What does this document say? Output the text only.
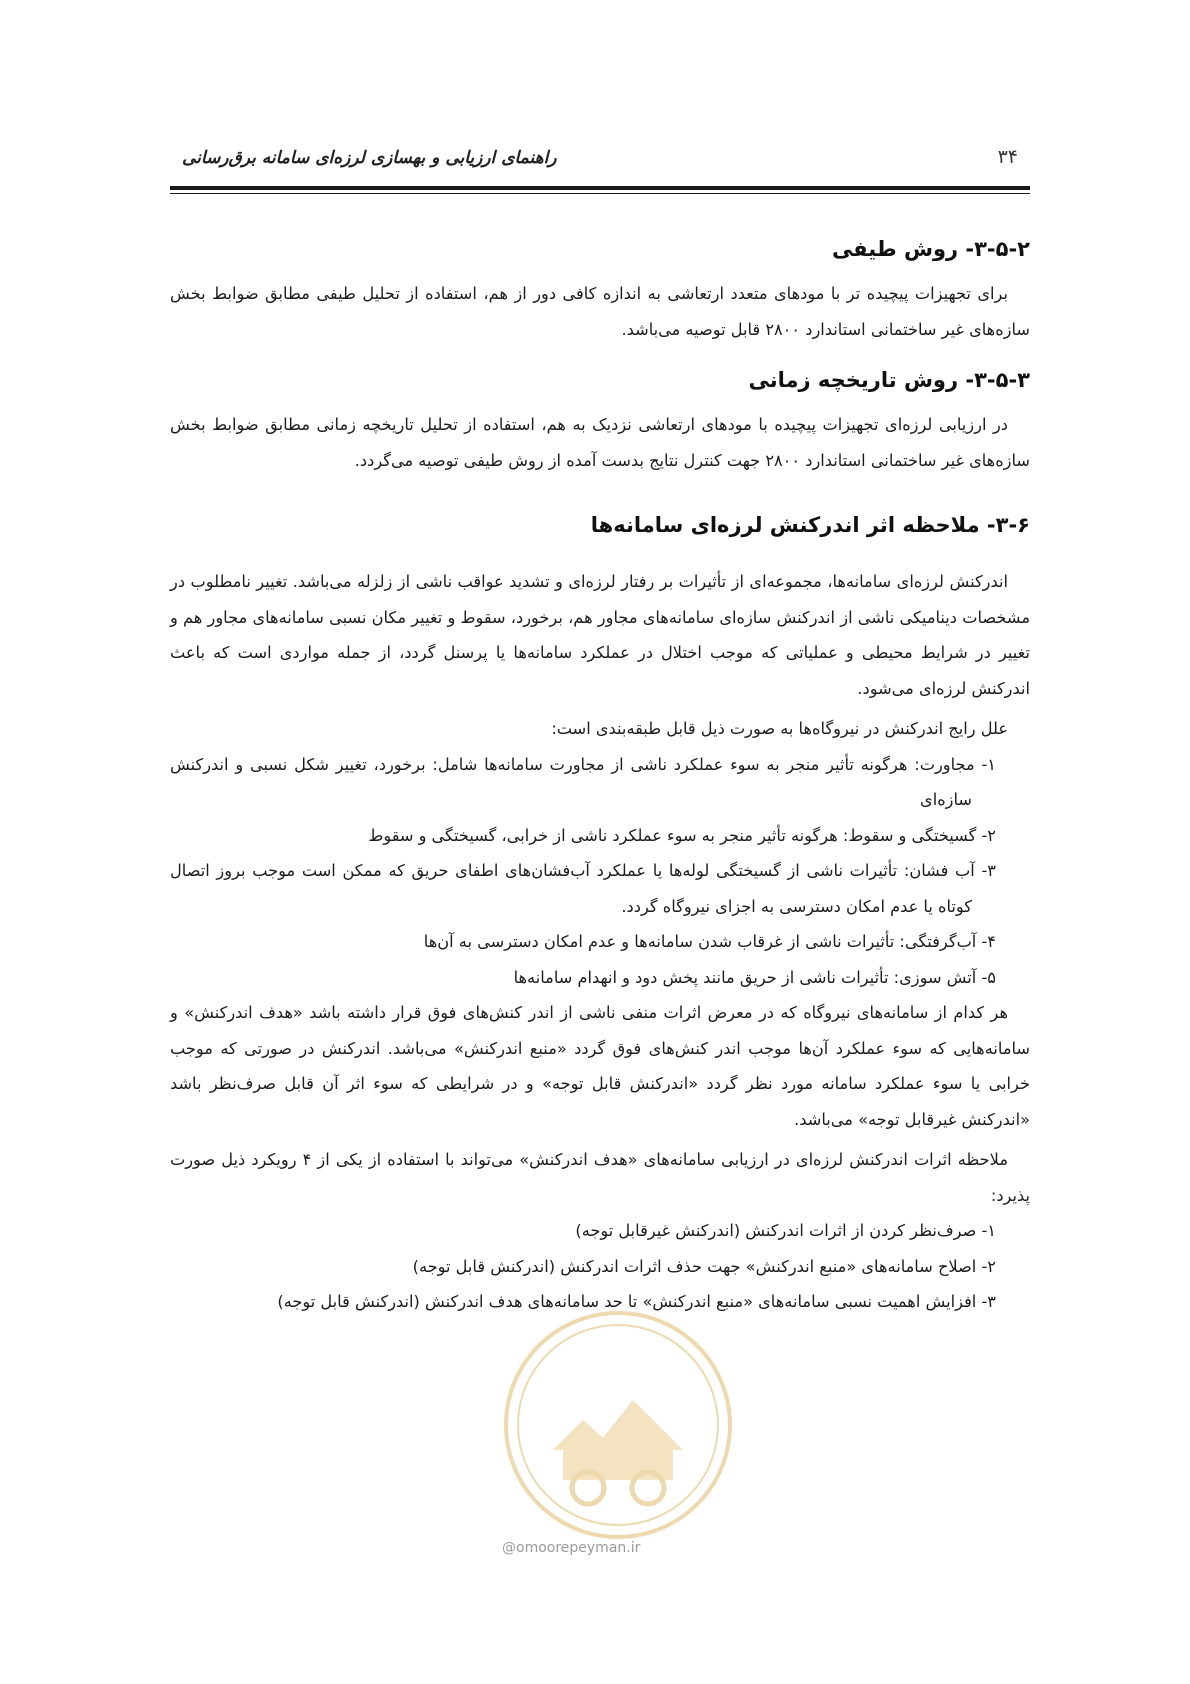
۳۴
راهنمای ارزیابی و بهسازی لرزه‌ای سامانه برق‌رسانی
@omoorepeyman.ir
۳-۵-۲- روش طیفی

برای تجهیزات پیچیده تر با مودهای متعدد ارتعاشی به اندازه کافی دور از هم، استفاده از تحلیل طیفی مطابق ضوابط بخش سازه‌های غیر ساختمانی استاندارد ۲۸۰۰ قابل توصیه می‌باشد.

۳-۵-۳- روش تاریخچه زمانی

در ارزیابی لرزه‌ای تجهیزات پیچیده با مودهای ارتعاشی نزدیک به هم، استفاده از تحلیل تاریخچه زمانی مطابق ضوابط بخش سازه‌های غیر ساختمانی استاندارد ۲۸۰۰ جهت کنترل نتایج بدست آمده از روش طیفی توصیه می‌گردد.

۳-۶- ملاحظه اثر اندرکنش لرزه‌ای سامانه‌ها

اندرکنش لرزه‌ای سامانه‌ها، مجموعه‌ای از تأثیرات بر رفتار لرزه‌ای و تشدید عواقب ناشی از زلزله می‌باشد. تغییر نامطلوب در مشخصات دینامیکی ناشی از اندرکنش سازه‌ای سامانه‌های مجاور هم، برخورد، سقوط و تغییر مکان نسبی سامانه‌های مجاور هم و تغییر در شرایط محیطی و عملیاتی که موجب اختلال در عملکرد سامانه‌ها یا پرسنل گردد، از جمله مواردی است که باعث اندرکنش لرزه‌ای می‌شود.

علل رایج اندرکنش در نیروگاه‌ها به صورت ذیل قابل طبقه‌بندی است:

۱- مجاورت: هرگونه تأثیر منجر به سوء عملکرد ناشی از مجاورت سامانه‌ها شامل: برخورد، تغییر شکل نسبی و اندرکنش سازه‌ای
۲- گسیختگی و سقوط: هرگونه تأثیر منجر به سوء عملکرد ناشی از خرابی، گسیختگی و سقوط
۳- آب فشان: تأثیرات ناشی از گسیختگی لوله‌ها یا عملکرد آب‌فشان‌های اطفای حریق که ممکن است موجب بروز اتصال کوتاه یا عدم امکان دسترسی به اجزای نیروگاه گردد.
۴- آب‌گرفتگی: تأثیرات ناشی از غرقاب شدن سامانه‌ها و عدم امکان دسترسی به آن‌ها
۵- آتش سوزی: تأثیرات ناشی از حریق مانند پخش دود و انهدام سامانه‌ها

هر کدام از سامانه‌های نیروگاه که در معرض اثرات منفی ناشی از اندر کنش‌های فوق قرار داشته باشد «هدف اندرکنش» و سامانه‌هایی که سوء عملکرد آن‌ها موجب اندر کنش‌های فوق گردد «منبع اندرکنش» می‌باشد. اندرکنش در صورتی که موجب خرابی یا سوء عملکرد سامانه مورد نظر گردد «اندرکنش قابل توجه» و در شرایطی که سوء اثر آن قابل صرف‌نظر باشد «اندرکنش غیرقابل توجه» می‌باشد.

ملاحظه اثرات اندرکنش لرزه‌ای در ارزیابی سامانه‌های «هدف اندرکنش» می‌تواند با استفاده از یکی از ۴ رویکرد ذیل صورت پذیرد:

۱- صرف‌نظر کردن از اثرات اندرکنش (اندرکنش غیرقابل توجه)
۲- اصلاح سامانه‌های «منبع اندرکنش» جهت حذف اثرات اندرکنش (اندرکنش قابل توجه)
۳- افزایش اهمیت نسبی سامانه‌های «منبع اندرکنش» تا حد سامانه‌های هدف اندرکنش (اندرکنش قابل توجه)
